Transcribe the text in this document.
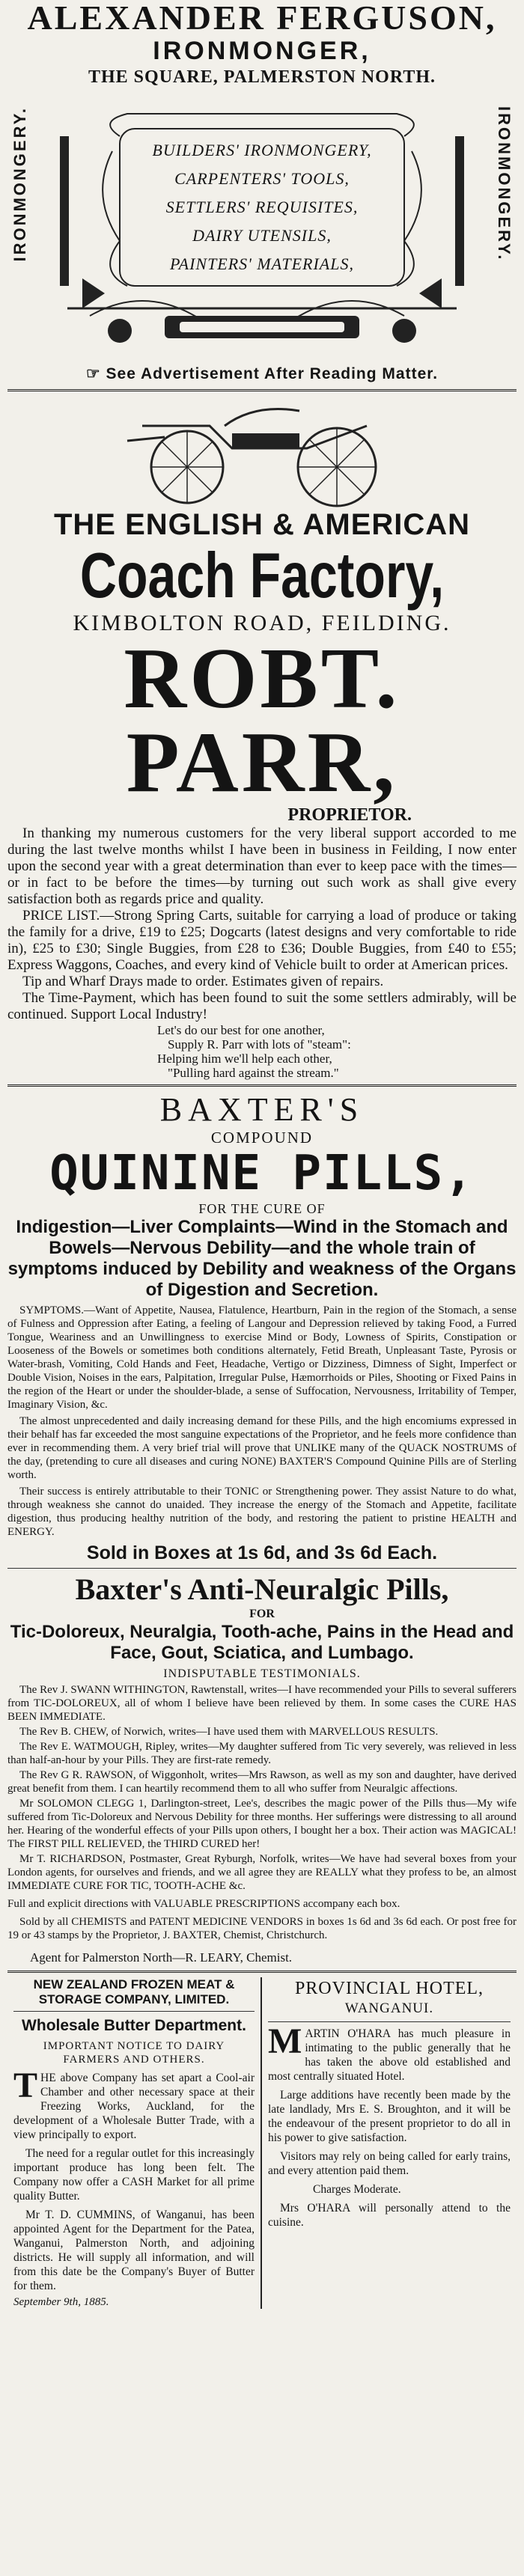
ALEXANDER FERGUSON,
IRONMONGER,
THE SQUARE, PALMERSTON NORTH.
IRONMONGERY.	IRONMONGERY.
BUILDERS' IRONMONGERY,
CARPENTERS' TOOLS,
SETTLERS' REQUISITES,
DAIRY UTENSILS,
PAINTERS' MATERIALS,
☞ See Advertisement After Reading Matter.
THE ENGLISH & AMERICAN
Coach Factory,
KIMBOLTON ROAD, FEILDING.
ROBT. PARR,
PROPRIETOR.

In thanking my numerous customers for the very liberal support accorded to me during the last twelve months whilst I have been in business in Feilding, I now enter upon the second year with a great determination than ever to keep pace with the times—or in fact to be before the times—by turning out such work as shall give every satisfaction both as regards price and quality.

PRICE LIST.—Strong Spring Carts, suitable for carrying a load of produce or taking the family for a drive, £19 to £25; Dogcarts (latest designs and very comfortable to ride in), £25 to £30; Single Buggies, from £28 to £36; Double Buggies, from £40 to £55; Express Waggons, Coaches, and every kind of Vehicle built to order at American prices.

Tip and Wharf Drays made to order. Estimates given of repairs.

The Time-Payment, which has been found to suit the some settlers admirably, will be continued. Support Local Industry!

Let's do our best for one another,
Supply R. Parr with lots of "steam":
Helping him we'll help each other,
"Pulling hard against the stream."
BAXTER'S
COMPOUND
QUININE PILLS,
FOR THE CURE OF
Indigestion—Liver Complaints—Wind in the Stomach and Bowels—Nervous Debility—and the whole train of symptoms induced by Debility and weakness of the Organs of Digestion and Secretion.

SYMPTOMS.—Want of Appetite, Nausea, Flatulence, Heartburn, Pain in the region of the Stomach, a sense of Fulness and Oppression after Eating, a feeling of Langour and Depression relieved by taking Food, a Furred Tongue, Weariness and an Unwillingness to exercise Mind or Body, Lowness of Spirits, Constipation or Looseness of the Bowels or sometimes both conditions alternately, Fetid Breath, Unpleasant Taste, Pyrosis or Water-brash, Vomiting, Cold Hands and Feet, Headache, Vertigo or Dizziness, Dimness of Sight, Imperfect or Double Vision, Noises in the ears, Palpitation, Irregular Pulse, Hæmorrhoids or Piles, Shooting or Fixed Pains in the region of the Heart or under the shoulder-blade, a sense of Suffocation, Nervousness, Irritability of Temper, Imaginary Vision, &c.

The almost unprecedented and daily increasing demand for these Pills, and the high encomiums expressed in their behalf has far exceeded the most sanguine expectations of the Proprietor, and he feels more confidence than ever in recommending them. A very brief trial will prove that UNLIKE many of the QUACK NOSTRUMS of the day, (pretending to cure all diseases and curing NONE) BAXTER'S Compound Quinine Pills are of Sterling worth.

Their success is entirely attributable to their TONIC or Strengthening power. They assist Nature to do what, through weakness she cannot do unaided. They increase the energy of the Stomach and Appetite, facilitate digestion, thus producing healthy nutrition of the body, and restoring the patient to pristine HEALTH and ENERGY.

Sold in Boxes at 1s 6d, and 3s 6d Each.
Baxter's Anti-Neuralgic Pills,
FOR
Tic-Doloreux, Neuralgia, Tooth-ache, Pains in the Head and Face, Gout, Sciatica, and Lumbago.
INDISPUTABLE TESTIMONIALS.

The Rev J. SWANN WITHINGTON, Rawtenstall, writes—I have recommended your Pills to several sufferers from TIC-DOLOREUX, all of whom I believe have been relieved by them. In some cases the CURE HAS BEEN IMMEDIATE.

The Rev B. CHEW, of Norwich, writes—I have used them with MARVELLOUS RESULTS.

The Rev E. WATMOUGH, Ripley, writes—My daughter suffered from Tic very severely, was relieved in less than half-an-hour by your Pills. They are first-rate remedy.

The Rev G R. RAWSON, of Wiggonholt, writes—Mrs Rawson, as well as my son and daughter, have derived great benefit from them. I can heartily recommend them to all who suffer from Neuralgic affections.

Mr SOLOMON CLEGG 1, Darlington-street, Lee's, describes the magic power of the Pills thus—My wife suffered from Tic-Doloreux and Nervous Debility for three months. Her sufferings were distressing to all around her. Hearing of the wonderful effects of your Pills upon others, I bought her a box. Their action was MAGICAL! The FIRST PILL RELIEVED, the THIRD CURED her!

Mr T. RICHARDSON, Postmaster, Great Ryburgh, Norfolk, writes—We have had several boxes from your London agents, for ourselves and friends, and we all agree they are REALLY what they profess to be, an almost IMMEDIATE CURE FOR TIC, TOOTH-ACHE &c.

Full and explicit directions with VALUABLE PRESCRIPTIONS accompany each box.

Sold by all CHEMISTS and PATENT MEDICINE VENDORS in boxes 1s 6d and 3s 6d each. Or post free for 19 or 43 stamps by the Proprietor, J. BAXTER, Chemist, Christchurch.

Agent for Palmerston North—R. LEARY, Chemist.
NEW ZEALAND FROZEN MEAT & STORAGE COMPANY, LIMITED.
Wholesale Butter Department.
IMPORTANT NOTICE TO DAIRY FARMERS AND OTHERS.

THE above Company has set apart a Cool-air Chamber and other necessary space at their Freezing Works, Auckland, for the development of a Wholesale Butter Trade, with a view principally to export.

The need for a regular outlet for this increasingly important produce has long been felt. The Company now offer a CASH Market for all prime quality Butter.

Mr T. D. CUMMINS, of Wanganui, has been appointed Agent for the Department for the Patea, Wanganui, Palmerston North, and adjoining districts. He will supply all information, and will from this date be the Company's Buyer of Butter for them.

September 9th, 1885.
PROVINCIAL HOTEL,
WANGANUI.

MARTIN O'HARA has much pleasure in intimating to the public generally that he has taken the above old established and most centrally situated Hotel.

Large additions have recently been made by the late landlady, Mrs E. S. Broughton, and it will be the endeavour of the present proprietor to do all in his power to give satisfaction.

Visitors may rely on being called for early trains, and every attention paid them.

Charges Moderate.

Mrs O'HARA will personally attend to the cuisine.
